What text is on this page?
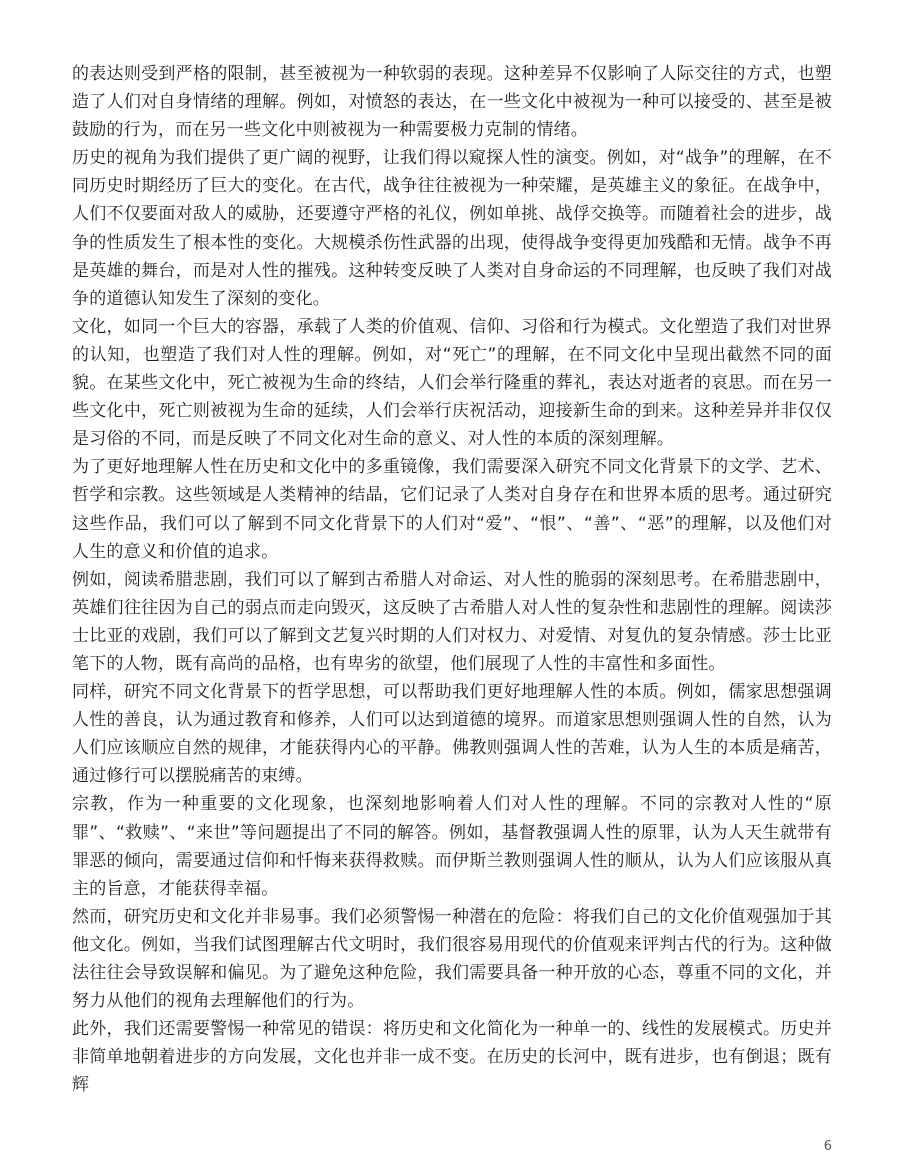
的表达则受到严格的限制，甚至被视为一种软弱的表现。这种差异不仅影响了人际交往的方式，也塑造了人们对自身情绪的理解。例如，对愤怒的表达，在一些文化中被视为一种可以接受的、甚至是被鼓励的行为，而在另一些文化中则被视为一种需要极力克制的情绪。

历史的视角为我们提供了更广阔的视野，让我们得以窥探人性的演变。例如，对“战争”的理解，在不同历史时期经历了巨大的变化。在古代，战争往往被视为一种荣耀，是英雄主义的象征。在战争中，人们不仅要面对敌人的威胁，还要遵守严格的礼仪，例如单挑、战俘交换等。而随着社会的进步，战争的性质发生了根本性的变化。大规模杀伤性武器的出现，使得战争变得更加残酷和无情。战争不再是英雄的舞台，而是对人性的摧残。这种转变反映了人类对自身命运的不同理解，也反映了我们对战争的道德认知发生了深刻的变化。

文化，如同一个巨大的容器，承载了人类的价值观、信仰、习俗和行为模式。文化塑造了我们对世界的认知，也塑造了我们对人性的理解。例如，对“死亡”的理解，在不同文化中呈现出截然不同的面貌。在某些文化中，死亡被视为生命的终结，人们会举行隆重的葬礼，表达对逝者的哀思。而在另一些文化中，死亡则被视为生命的延续，人们会举行庆祝活动，迎接新生命的到来。这种差异并非仅仅是习俗的不同，而是反映了不同文化对生命的意义、对人性的本质的深刻理解。

为了更好地理解人性在历史和文化中的多重镜像，我们需要深入研究不同文化背景下的文学、艺术、哲学和宗教。这些领域是人类精神的结晶，它们记录了人类对自身存在和世界本质的思考。通过研究这些作品，我们可以了解到不同文化背景下的人们对“爱”、“恨”、“善”、“恶”的理解，以及他们对人生的意义和价值的追求。

例如，阅读希腊悲剧，我们可以了解到古希腊人对命运、对人性的脆弱的深刻思考。在希腊悲剧中，英雄们往往因为自己的弱点而走向毁灭，这反映了古希腊人对人性的复杂性和悲剧性的理解。阅读莎士比亚的戏剧，我们可以了解到文艺复兴时期的人们对权力、对爱情、对复仇的复杂情感。莎士比亚笔下的人物，既有高尚的品格，也有卑劣的欲望，他们展现了人性的丰富性和多面性。

同样，研究不同文化背景下的哲学思想，可以帮助我们更好地理解人性的本质。例如，儒家思想强调人性的善良，认为通过教育和修养，人们可以达到道德的境界。而道家思想则强调人性的自然，认为人们应该顺应自然的规律，才能获得内心的平静。佛教则强调人性的苦难，认为人生的本质是痛苦，通过修行可以摆脱痛苦的束缚。

宗教，作为一种重要的文化现象，也深刻地影响着人们对人性的理解。不同的宗教对人性的“原罪”、“救赎”、“来世”等问题提出了不同的解答。例如，基督教强调人性的原罪，认为人天生就带有罪恶的倾向，需要通过信仰和忏悔来获得救赎。而伊斯兰教则强调人性的顺从，认为人们应该服从真主的旨意，才能获得幸福。

然而，研究历史和文化并非易事。我们必须警惕一种潜在的危险：将我们自己的文化价值观强加于其他文化。例如，当我们试图理解古代文明时，我们很容易用现代的价值观来评判古代的行为。这种做法往往会导致误解和偏见。为了避免这种危险，我们需要具备一种开放的心态，尊重不同的文化，并努力从他们的视角去理解他们的行为。

此外，我们还需要警惕一种常见的错误：将历史和文化简化为一种单一的、线性的发展模式。历史并非简单地朝着进步的方向发展，文化也并非一成不变。在历史的长河中，既有进步，也有倒退；既有辉

6
